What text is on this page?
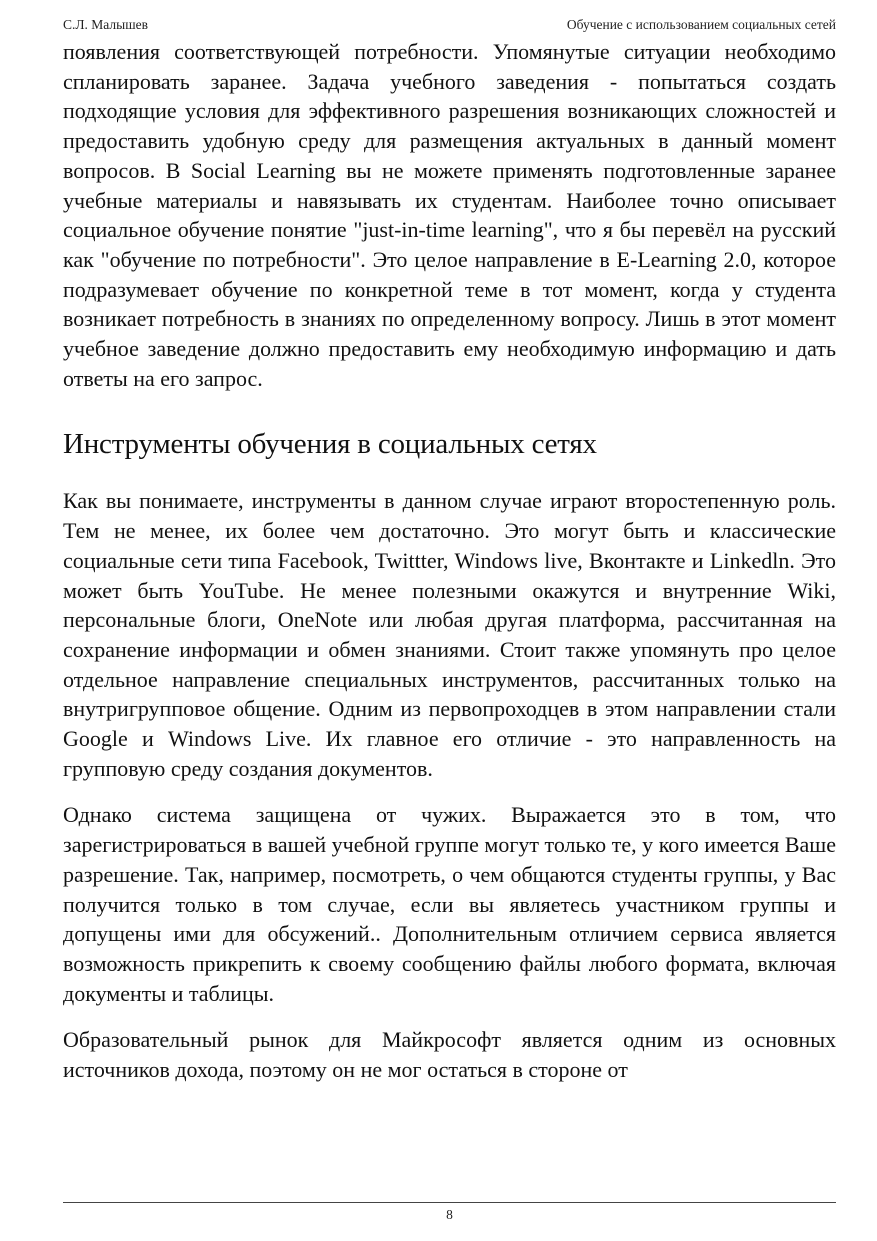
С.Л. Малышев	Обучение с использованием социальных сетей

появления соответствующей потребности. Упомянутые ситуации необходимо спланировать заранее. Задача учебного заведения - попытаться создать подходящие условия для эффективного разрешения возникающих сложностей и предоставить удобную среду для размещения актуальных в данный момент вопросов. В Social Learning вы не можете применять подготовленные заранее учебные материалы и навязывать их студентам. Наиболее точно описывает социальное обучение понятие "just-in-time learning", что я бы перевёл на русский как "обучение по потребности". Это целое направление в E-Learning 2.0, которое подразумевает обучение по конкретной теме в тот момент, когда у студента возникает потребность в знаниях по определенному вопросу. Лишь в этот момент учебное заведение должно предоставить ему необходимую информацию и дать ответы на его запрос.

Инструменты обучения в социальных сетях

Как вы понимаете, инструменты в данном случае играют второстепенную роль. Тем не менее, их более чем достаточно. Это могут быть и классические социальные сети типа Facebook, Twittter, Windows live, Вконтакте и Linkedln. Это может быть YouTube. Не менее полезными окажутся и внутренние Wiki, персональные блоги, OneNote или любая другая платформа, рассчитанная на сохранение информации и обмен знаниями. Стоит также упомянуть про целое отдельное направление специальных инструментов, рассчитанных только на внутригрупповое общение. Одним из первопроходцев в этом направлении стали Google и Windows Live. Их главное его отличие - это направленность на групповую среду создания документов.

Однако система защищена от чужих. Выражается это в том, что зарегистрироваться в вашей учебной группе могут только те, у кого имеется Ваше разрешение. Так, например, посмотреть, о чем общаются студенты группы, у Вас получится только в том случае, если вы являетесь участником группы и допущены ими для обсужений.. Дополнительным отличием сервиса является возможность прикрепить к своему сообщению файлы любого формата, включая документы и таблицы.

Образовательный рынок для Майкрософт является одним из основных источников дохода, поэтому он не мог остаться в стороне от

8
